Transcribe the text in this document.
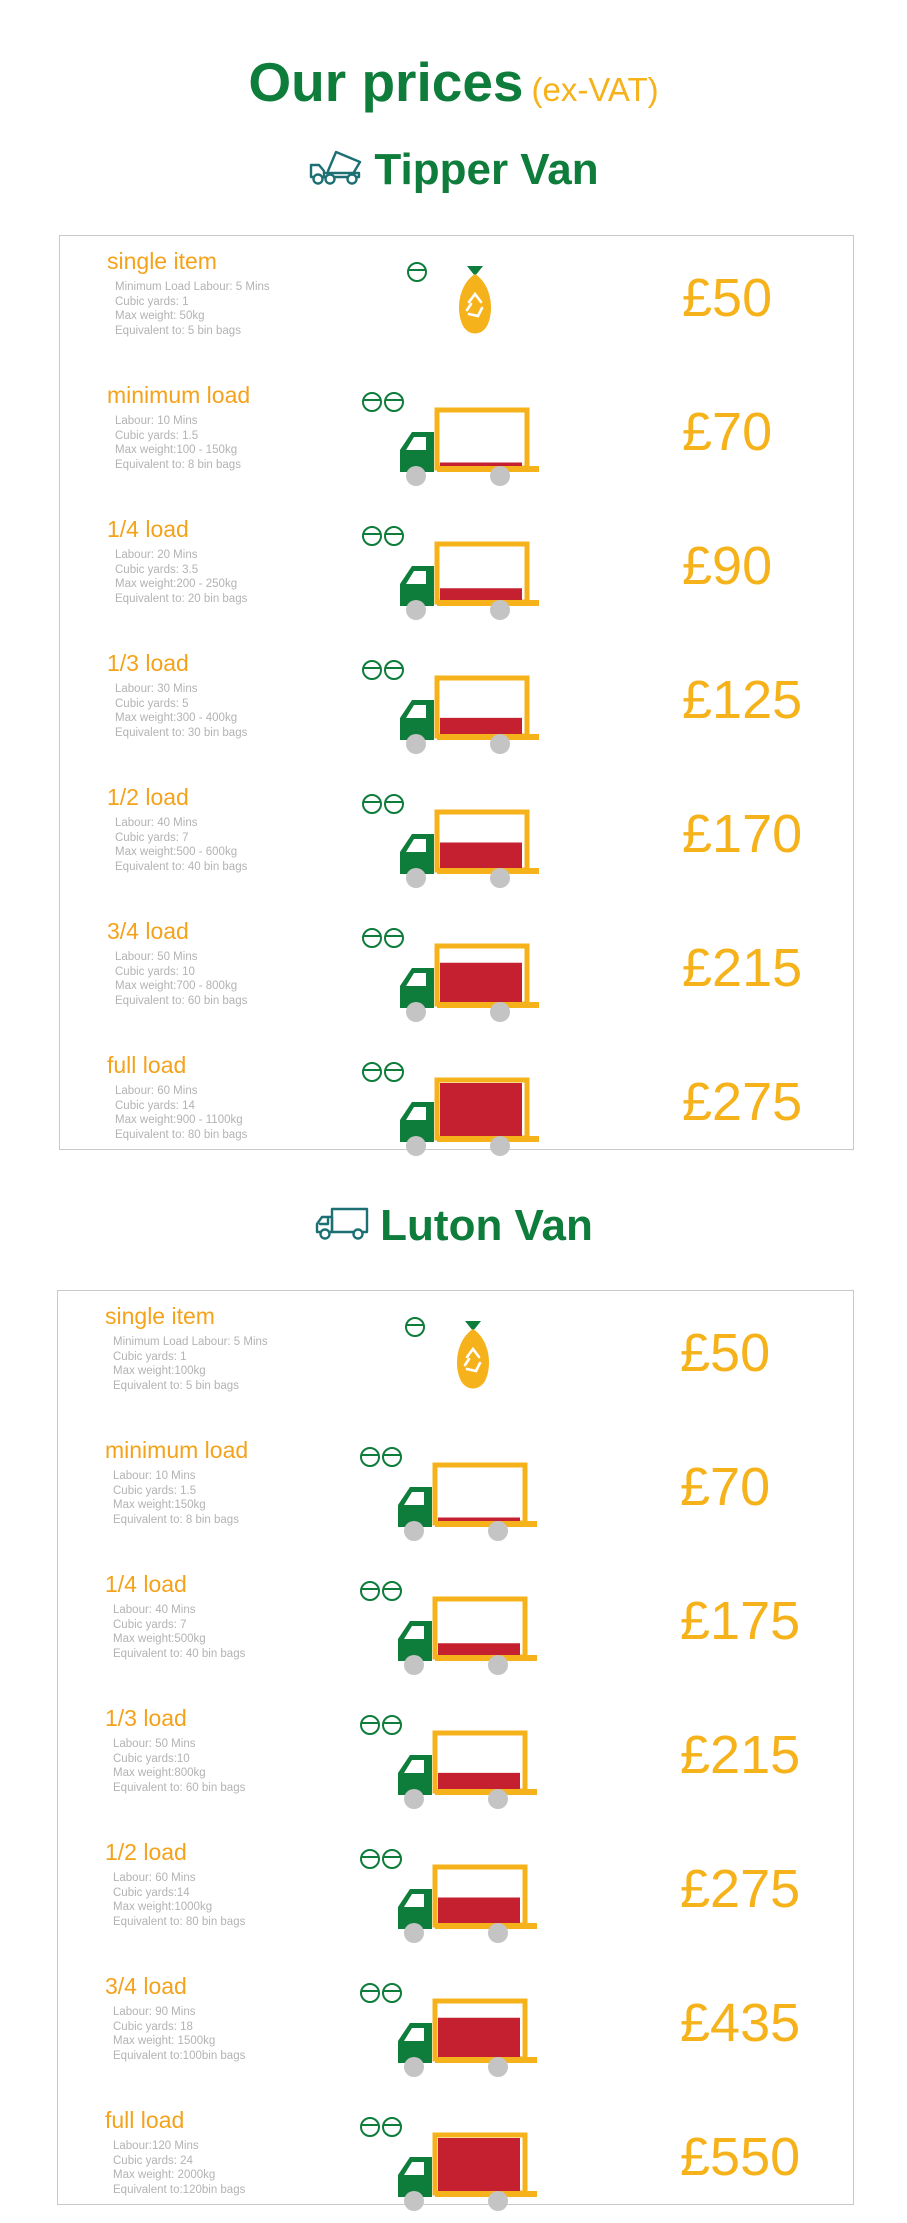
Our prices (ex-VAT)
Tipper Van
single item
Minimum Load Labour: 5 Mins
Cubic yards: 1
Max weight: 50kg
Equivalent to: 5 bin bags
£50
minimum load
Labour: 10 Mins
Cubic yards: 1.5
Max weight:100 - 150kg
Equivalent to: 8 bin bags
£70
1/4 load
Labour: 20 Mins
Cubic yards: 3.5
Max weight:200 - 250kg
Equivalent to: 20 bin bags
£90
1/3 load
Labour: 30 Mins
Cubic yards: 5
Max weight:300 - 400kg
Equivalent to: 30 bin bags
£125
1/2 load
Labour: 40 Mins
Cubic yards: 7
Max weight:500 - 600kg
Equivalent to: 40 bin bags
£170
3/4 load
Labour: 50 Mins
Cubic yards: 10
Max weight:700 - 800kg
Equivalent to: 60 bin bags
£215
full load
Labour: 60 Mins
Cubic yards: 14
Max weight:900 - 1100kg
Equivalent to: 80 bin bags
£275
Luton Van
single item
Minimum Load Labour: 5 Mins
Cubic yards: 1
Max weight:100kg
Equivalent to: 5 bin bags
£50
minimum load
Labour: 10 Mins
Cubic yards: 1.5
Max weight:150kg
Equivalent to: 8 bin bags
£70
1/4 load
Labour: 40 Mins
Cubic yards: 7
Max weight:500kg
Equivalent to: 40 bin bags
£175
1/3 load
Labour: 50 Mins
Cubic yards:10
Max weight:800kg
Equivalent to: 60 bin bags
£215
1/2 load
Labour: 60 Mins
Cubic yards:14
Max weight:1000kg
Equivalent to: 80 bin bags
£275
3/4 load
Labour: 90 Mins
Cubic yards: 18
Max weight: 1500kg
Equivalent to:100bin bags
£435
full load
Labour:120 Mins
Cubic yards: 24
Max weight: 2000kg
Equivalent to:120bin bags
£550
